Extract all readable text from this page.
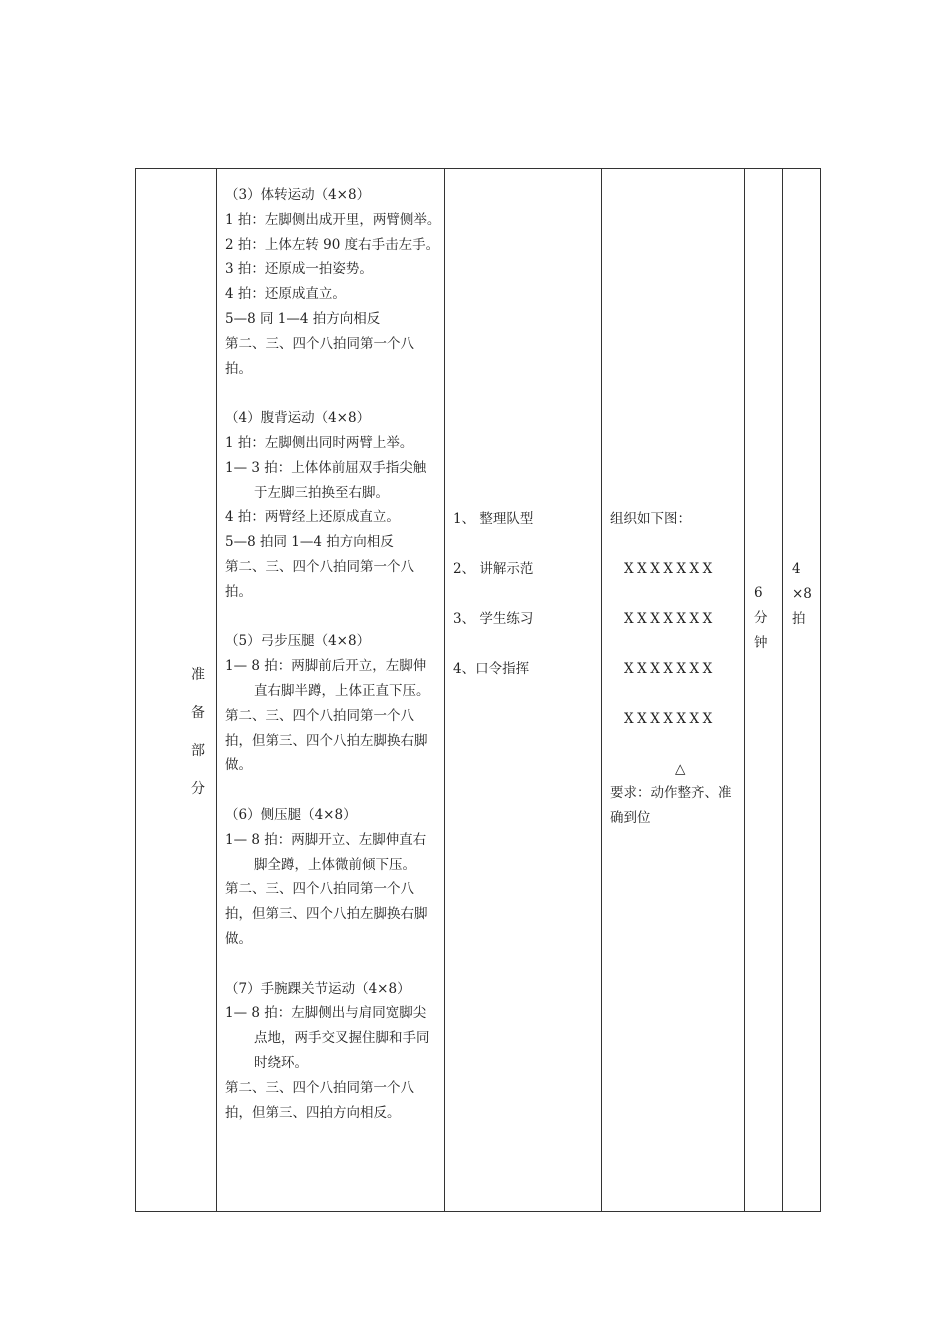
准
备
部
分
（3）体转运动（4×8）
1 拍：左脚侧出成开里，两臂侧举。
2 拍：上体左转 90 度右手击左手。
3 拍：还原成一拍姿势。
4 拍：还原成直立。
5—8 同 1—4 拍方向相反
第二、三、四个八拍同第一个八
拍。
（4）腹背运动（4×8）
1 拍：左脚侧出同时两臂上举。
1— 3 拍：上体体前屈双手指尖触
于左脚三拍换至右脚。
4 拍：两臂经上还原成直立。
5—8 拍同 1—4 拍方向相反
第二、三、四个八拍同第一个八
拍。
（5）弓步压腿（4×8）
1— 8 拍：两脚前后开立，左脚伸
直右脚半蹲，上体正直下压。
第二、三、四个八拍同第一个八
拍，但第三、四个八拍左脚换右脚
做。
（6）侧压腿（4×8）
1— 8 拍：两脚开立、左脚伸直右
脚全蹲，上体微前倾下压。
第二、三、四个八拍同第一个八
拍，但第三、四个八拍左脚换右脚
做。
（7）手腕踝关节运动（4×8）
1— 8 拍：左脚侧出与肩同宽脚尖
点地，两手交叉握住脚和手同
时绕环。
第二、三、四个八拍同第一个八
拍，但第三、四拍方向相反。
1、 整理队型
2、 讲解示范
3、 学生练习
4、口令指挥
组织如下图：
XXXXXXX
XXXXXXX
XXXXXXX
XXXXXXX
△
要求：动作整齐、准
确到位
6
分
钟
4
×8
拍
